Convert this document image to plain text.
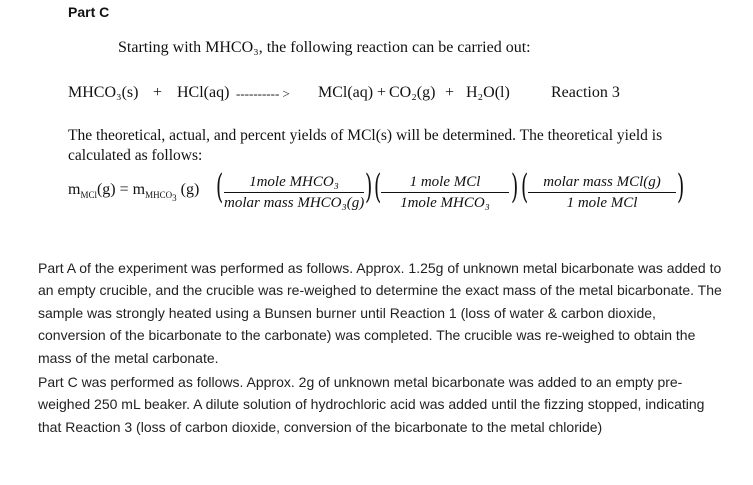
Part C
Starting with MHCO₃, the following reaction can be carried out:
MHCO₃(s) + HCl(aq) ---------- > MCl(aq) + CO₂(g) + H₂O(l)	Reaction 3
The theoretical, actual, and percent yields of MCl(s) will be determined. The theoretical yield is calculated as follows:
$m_{MCl}(g) = m_{MHCO_3}$ (g) (	1mole MHCO₃
molar mass MHCO₃(g) ) (	1 mole MCl
1mole MHCO₃ ) ( molar mass MCl(g)
1 mole MCl	)
Part A of the experiment was performed as follows. Approx. 1.25g of unknown metal bicarbonate was added to an empty crucible, and the crucible was re-weighed to determine the exact mass of the metal bicarbonate. The sample was strongly heated using a Bunsen burner until Reaction 1 (loss of water & carbon dioxide, conversion of the bicarbonate to the carbonate) was completed. The crucible was re-weighed to obtain the mass of the metal carbonate.
Part C was performed as follows. Approx. 2g of unknown metal bicarbonate was added to an empty pre-weighed 250 mL beaker. A dilute solution of hydrochloric acid was added until the fizzing stopped, indicating that Reaction 3 (loss of carbon dioxide, conversion of the bicarbonate to the metal chloride)
